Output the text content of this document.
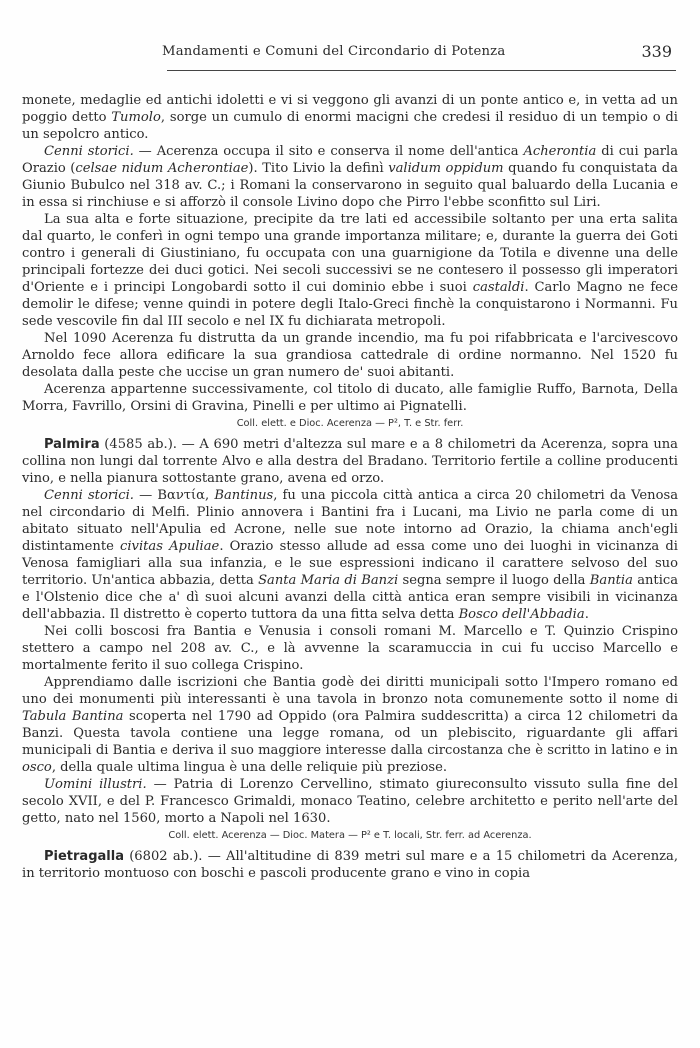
Mandamenti e Comuni del Circondario di Potenza	339

monete, medaglie ed antichi idoletti e vi si veggono gli avanzi di un ponte antico e, in vetta ad un poggio detto Tumolo, sorge un cumulo di enormi macigni che credesi il residuo di un tempio o di un sepolcro antico.

Cenni storici. — Acerenza occupa il sito e conserva il nome dell'antica Acherontia di cui parla Orazio (celsae nidum Acherontiae). Tito Livio la definì validum oppidum quando fu conquistata da Giunio Bubulco nel 318 av. C.; i Romani la conservarono in seguito qual baluardo della Lucania e in essa si rinchiuse e si afforzò il console Livino dopo che Pirro l'ebbe sconfitto sul Liri.

La sua alta e forte situazione, precipite da tre lati ed accessibile soltanto per una erta salita dal quarto, le conferì in ogni tempo una grande importanza militare; e, durante la guerra dei Goti contro i generali di Giustiniano, fu occupata con una guarnigione da Totila e divenne una delle principali fortezze dei duci gotici. Nei secoli successivi se ne contesero il possesso gli imperatori d'Oriente e i principi Longobardi sotto il cui dominio ebbe i suoi castaldi. Carlo Magno ne fece demolir le difese; venne quindi in potere degli Italo-Greci finchè la conquistarono i Normanni. Fu sede vescovile fin dal III secolo e nel IX fu dichiarata metropoli.

Nel 1090 Acerenza fu distrutta da un grande incendio, ma fu poi rifabbricata e l'arcivescovo Arnoldo fece allora edificare la sua grandiosa cattedrale di ordine normanno. Nel 1520 fu desolata dalla peste che uccise un gran numero de' suoi abitanti.

Acerenza appartenne successivamente, col titolo di ducato, alle famiglie Ruffo, Barnota, Della Morra, Favrillo, Orsini di Gravina, Pinelli e per ultimo ai Pignatelli.

Coll. elett. e Dioc. Acerenza — P², T. e Str. ferr.

Palmira (4585 ab.). — A 690 metri d'altezza sul mare e a 8 chilometri da Acerenza, sopra una collina non lungi dal torrente Alvo e alla destra del Bradano. Territorio fertile a colline producenti vino, e nella pianura sottostante grano, avena ed orzo.

Cenni storici. — Βαντία, Bantinus, fu una piccola città antica a circa 20 chilometri da Venosa nel circondario di Melfi. Plinio annovera i Bantini fra i Lucani, ma Livio ne parla come di un abitato situato nell'Apulia ed Acrone, nelle sue note intorno ad Orazio, la chiama anch'egli distintamente civitas Apuliae. Orazio stesso allude ad essa come uno dei luoghi in vicinanza di Venosa famigliari alla sua infanzia, e le sue espressioni indicano il carattere selvoso del suo territorio. Un'antica abbazia, detta Santa Maria di Banzi segna sempre il luogo della Bantia antica e l'Olstenio dice che a' dì suoi alcuni avanzi della città antica eran sempre visibili in vicinanza dell'abbazia. Il distretto è coperto tuttora da una fitta selva detta Bosco dell'Abbadia.

Nei colli boscosi fra Bantia e Venusia i consoli romani M. Marcello e T. Quinzio Crispino stettero a campo nel 208 av. C., e là avvenne la scaramuccia in cui fu ucciso Marcello e mortalmente ferito il suo collega Crispino.

Apprendiamo dalle iscrizioni che Bantia godè dei diritti municipali sotto l'Impero romano ed uno dei monumenti più interessanti è una tavola in bronzo nota comunemente sotto il nome di Tabula Bantina scoperta nel 1790 ad Oppido (ora Palmira suddescritta) a circa 12 chilometri da Banzi. Questa tavola contiene una legge romana, od un plebiscito, riguardante gli affari municipali di Bantia e deriva il suo maggiore interesse dalla circostanza che è scritto in latino e in osco, della quale ultima lingua è una delle reliquie più preziose.

Uomini illustri. — Patria di Lorenzo Cervellino, stimato giureconsulto vissuto sulla fine del secolo XVII, e del P. Francesco Grimaldi, monaco Teatino, celebre architetto e perito nell'arte del getto, nato nel 1560, morto a Napoli nel 1630.

Coll. elett. Acerenza — Dioc. Matera — P² e T. locali, Str. ferr. ad Acerenza.

Pietragalla (6802 ab.). — All'altitudine di 839 metri sul mare e a 15 chilometri da Acerenza, in territorio montuoso con boschi e pascoli producente grano e vino in copia
